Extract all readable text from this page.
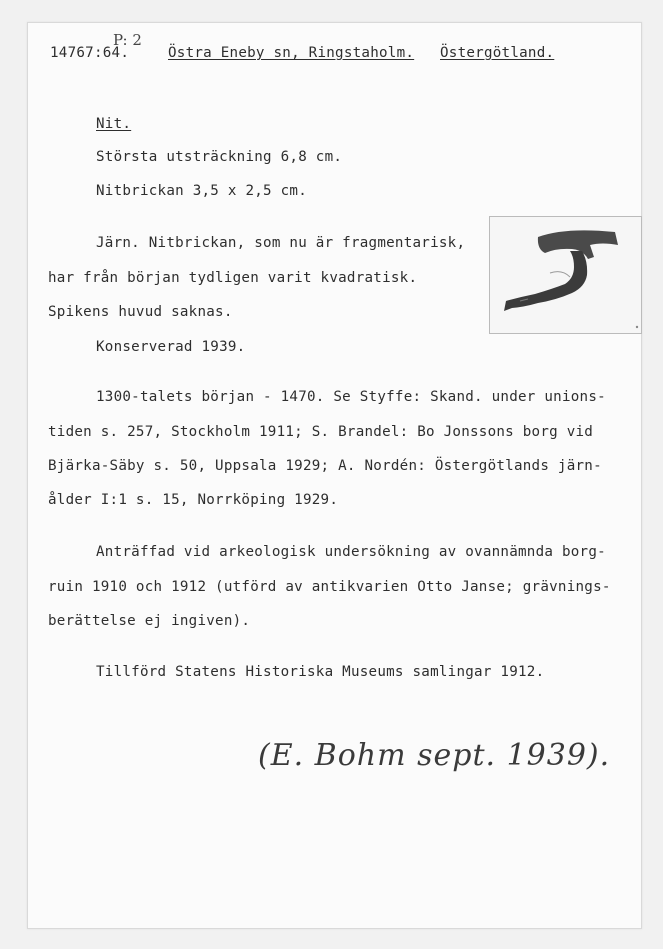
P: 2
14767:64.	Östra Eneby sn, Ringstaholm. Östergötland.
Nit.
Största utsträckning 6,8 cm.
Nitbrickan 3,5 x 2,5 cm.
Järn. Nitbrickan, som nu är fragmentarisk,
har från början tydligen varit kvadratisk.
Spikens huvud saknas.
Konserverad 1939.
1300-talets början - 1470. Se Styffe: Skand. under unions-
tiden s. 257, Stockholm 1911; S. Brandel: Bo Jonssons borg vid
Bjärka-Säby s. 50, Uppsala 1929; A. Nordén: Östergötlands järn-
ålder I:1 s. 15, Norrköping 1929.
Anträffad vid arkeologisk undersökning av ovannämnda borg-
ruin 1910 och 1912 (utförd av antikvarien Otto Janse; grävnings-
berättelse ej ingiven).
Tillförd Statens Historiska Museums samlingar 1912.
(E. Bohm sept. 1939).
